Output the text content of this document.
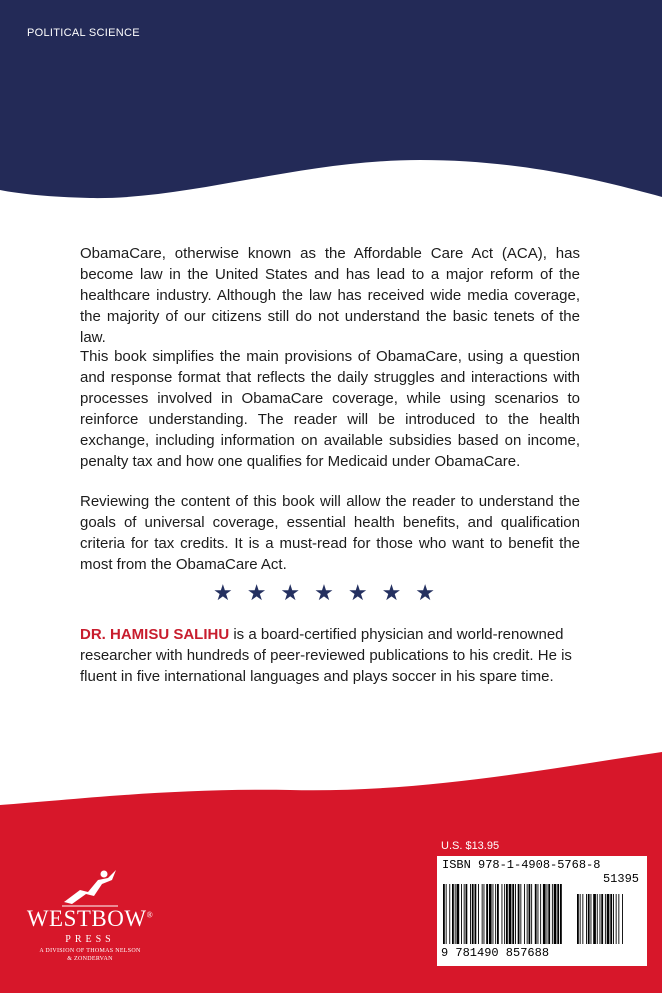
POLITICAL SCIENCE

ObamaCare, otherwise known as the Affordable Care Act (ACA), has become law in the United States and has lead to a major reform of the healthcare industry. Although the law has received wide media coverage, the majority of our citizens still do not understand the basic tenets of the law.

This book simplifies the main provisions of ObamaCare, using a question and response format that reflects the daily struggles and interactions with processes involved in ObamaCare coverage, while using scenarios to reinforce understanding. The reader will be introduced to the health exchange, including information on available subsidies based on income, penalty tax and how one qualifies for Medicaid under ObamaCare.

Reviewing the content of this book will allow the reader to understand the goals of universal coverage, essential health benefits, and qualification criteria for tax credits. It is a must-read for those who want to benefit the most from the ObamaCare Act.

★★★★★★★

DR. HAMISU SALIHU is a board-certified physician and world-renowned researcher with hundreds of peer-reviewed publications to his credit. He is fluent in five international languages and plays soccer in his spare time.

WESTBOW®
PRESS
A DIVISION OF THOMAS NELSON
& ZONDERVAN
U.S. $13.95
ISBN 978-1-4908-5768-8
51395
9 781490 857688
